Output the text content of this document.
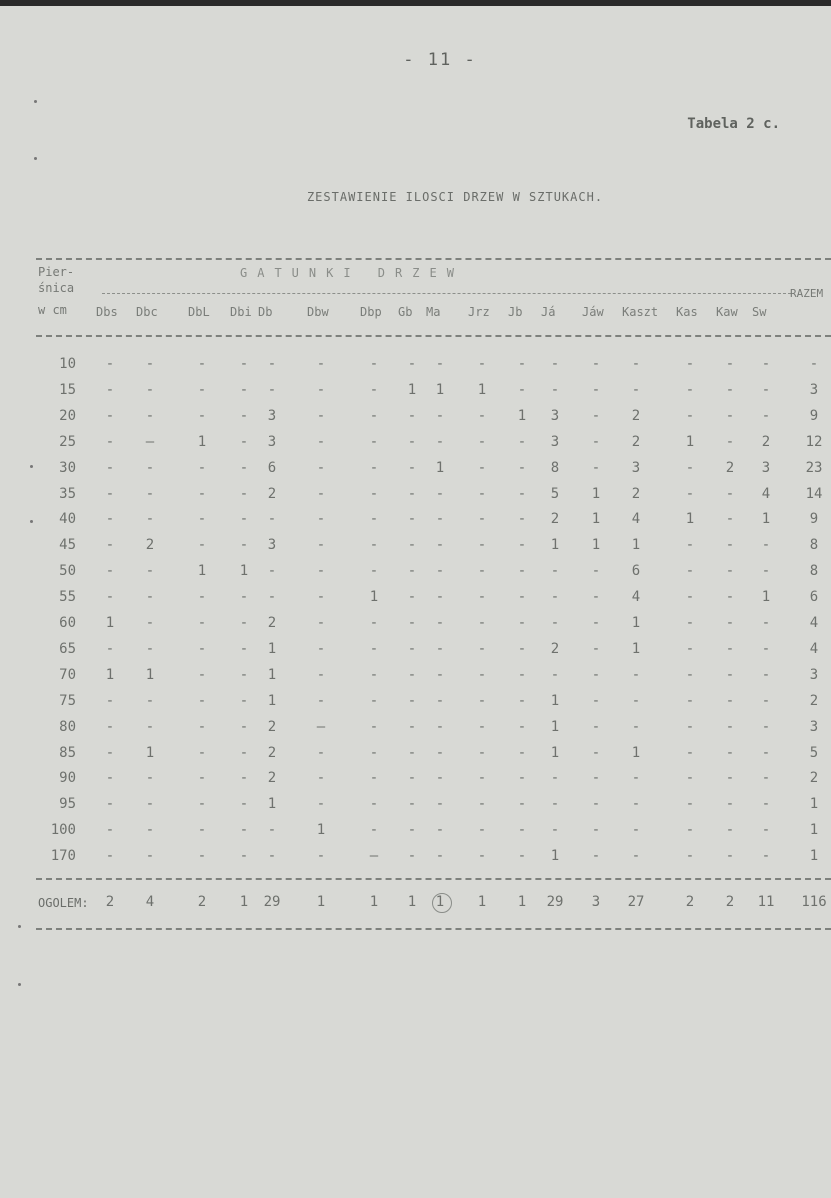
- 11 -
Tabela 2 c.
ZESTAWIENIE ILOSCI DRZEW W SZTUKACH.
Pier-
śnica
w cm
GATUNKI DRZEW
RAZEM
Dbs Dbc	DbL Dbi Db	Dbw	Dbp Gb Ma Jrz Jb Já Jáw Kaszt Kas Kaw Sw
10	-	-	-	-	-	-	-	-	-	-	-	-	-	-	-	-	-	-
15	-	-	-	-	-	-	-	1	1	1	-	-	-	-	-	-	-	3
20	-	-	-	-	3	-	-	-	-	-	1	3	-	2	-	-	-	9
25	-	—	1	-	3	-	-	-	-	-	-	3	-	2	1	-	2	12
30	-	-	-	-	6	-	-	-	1	-	-	8	-	3	-	2	3	23
35	-	-	-	-	2	-	-	-	-	-	-	5	1	2	-	-	4	14
40	-	-	-	-	-	-	-	-	-	-	-	2	1	4	1	-	1	9
45	-	2	-	-	3	-	-	-	-	-	-	1	1	1	-	-	-	8
50	-	-	1	1	-	-	-	-	-	-	-	-	-	6	-	-	-	8
55	-	-	-	-	-	-	1	-	-	-	-	-	-	4	-	-	1	6
60	1	-	-	-	2	-	-	-	-	-	-	-	-	1	-	-	-	4
65	-	-	-	-	1	-	-	-	-	-	-	2	-	1	-	-	-	4
70	1	1	-	-	1	-	-	-	-	-	-	-	-	-	-	-	-	3
75	-	-	-	-	1	-	-	-	-	-	-	1	-	-	-	-	-	2
80	-	-	-	-	2	—	-	-	-	-	-	1	-	-	-	-	-	3
85	-	1	-	-	2	-	-	-	-	-	-	1	-	1	-	-	-	5
90	-	-	-	-	2	-	-	-	-	-	-	-	-	-	-	-	-	2
95	-	-	-	-	1	-	-	-	-	-	-	-	-	-	-	-	-	1
100	-	-	-	-	-	1	-	-	-	-	-	-	-	-	-	-	-	1
170	-	-	-	-	-	-	—	-	-	-	-	1	-	-	-	-	-	1
OGOLEM:	2	4	2	1	29	1	1	1	1	1	1	29	3	27	2	2	11	116
